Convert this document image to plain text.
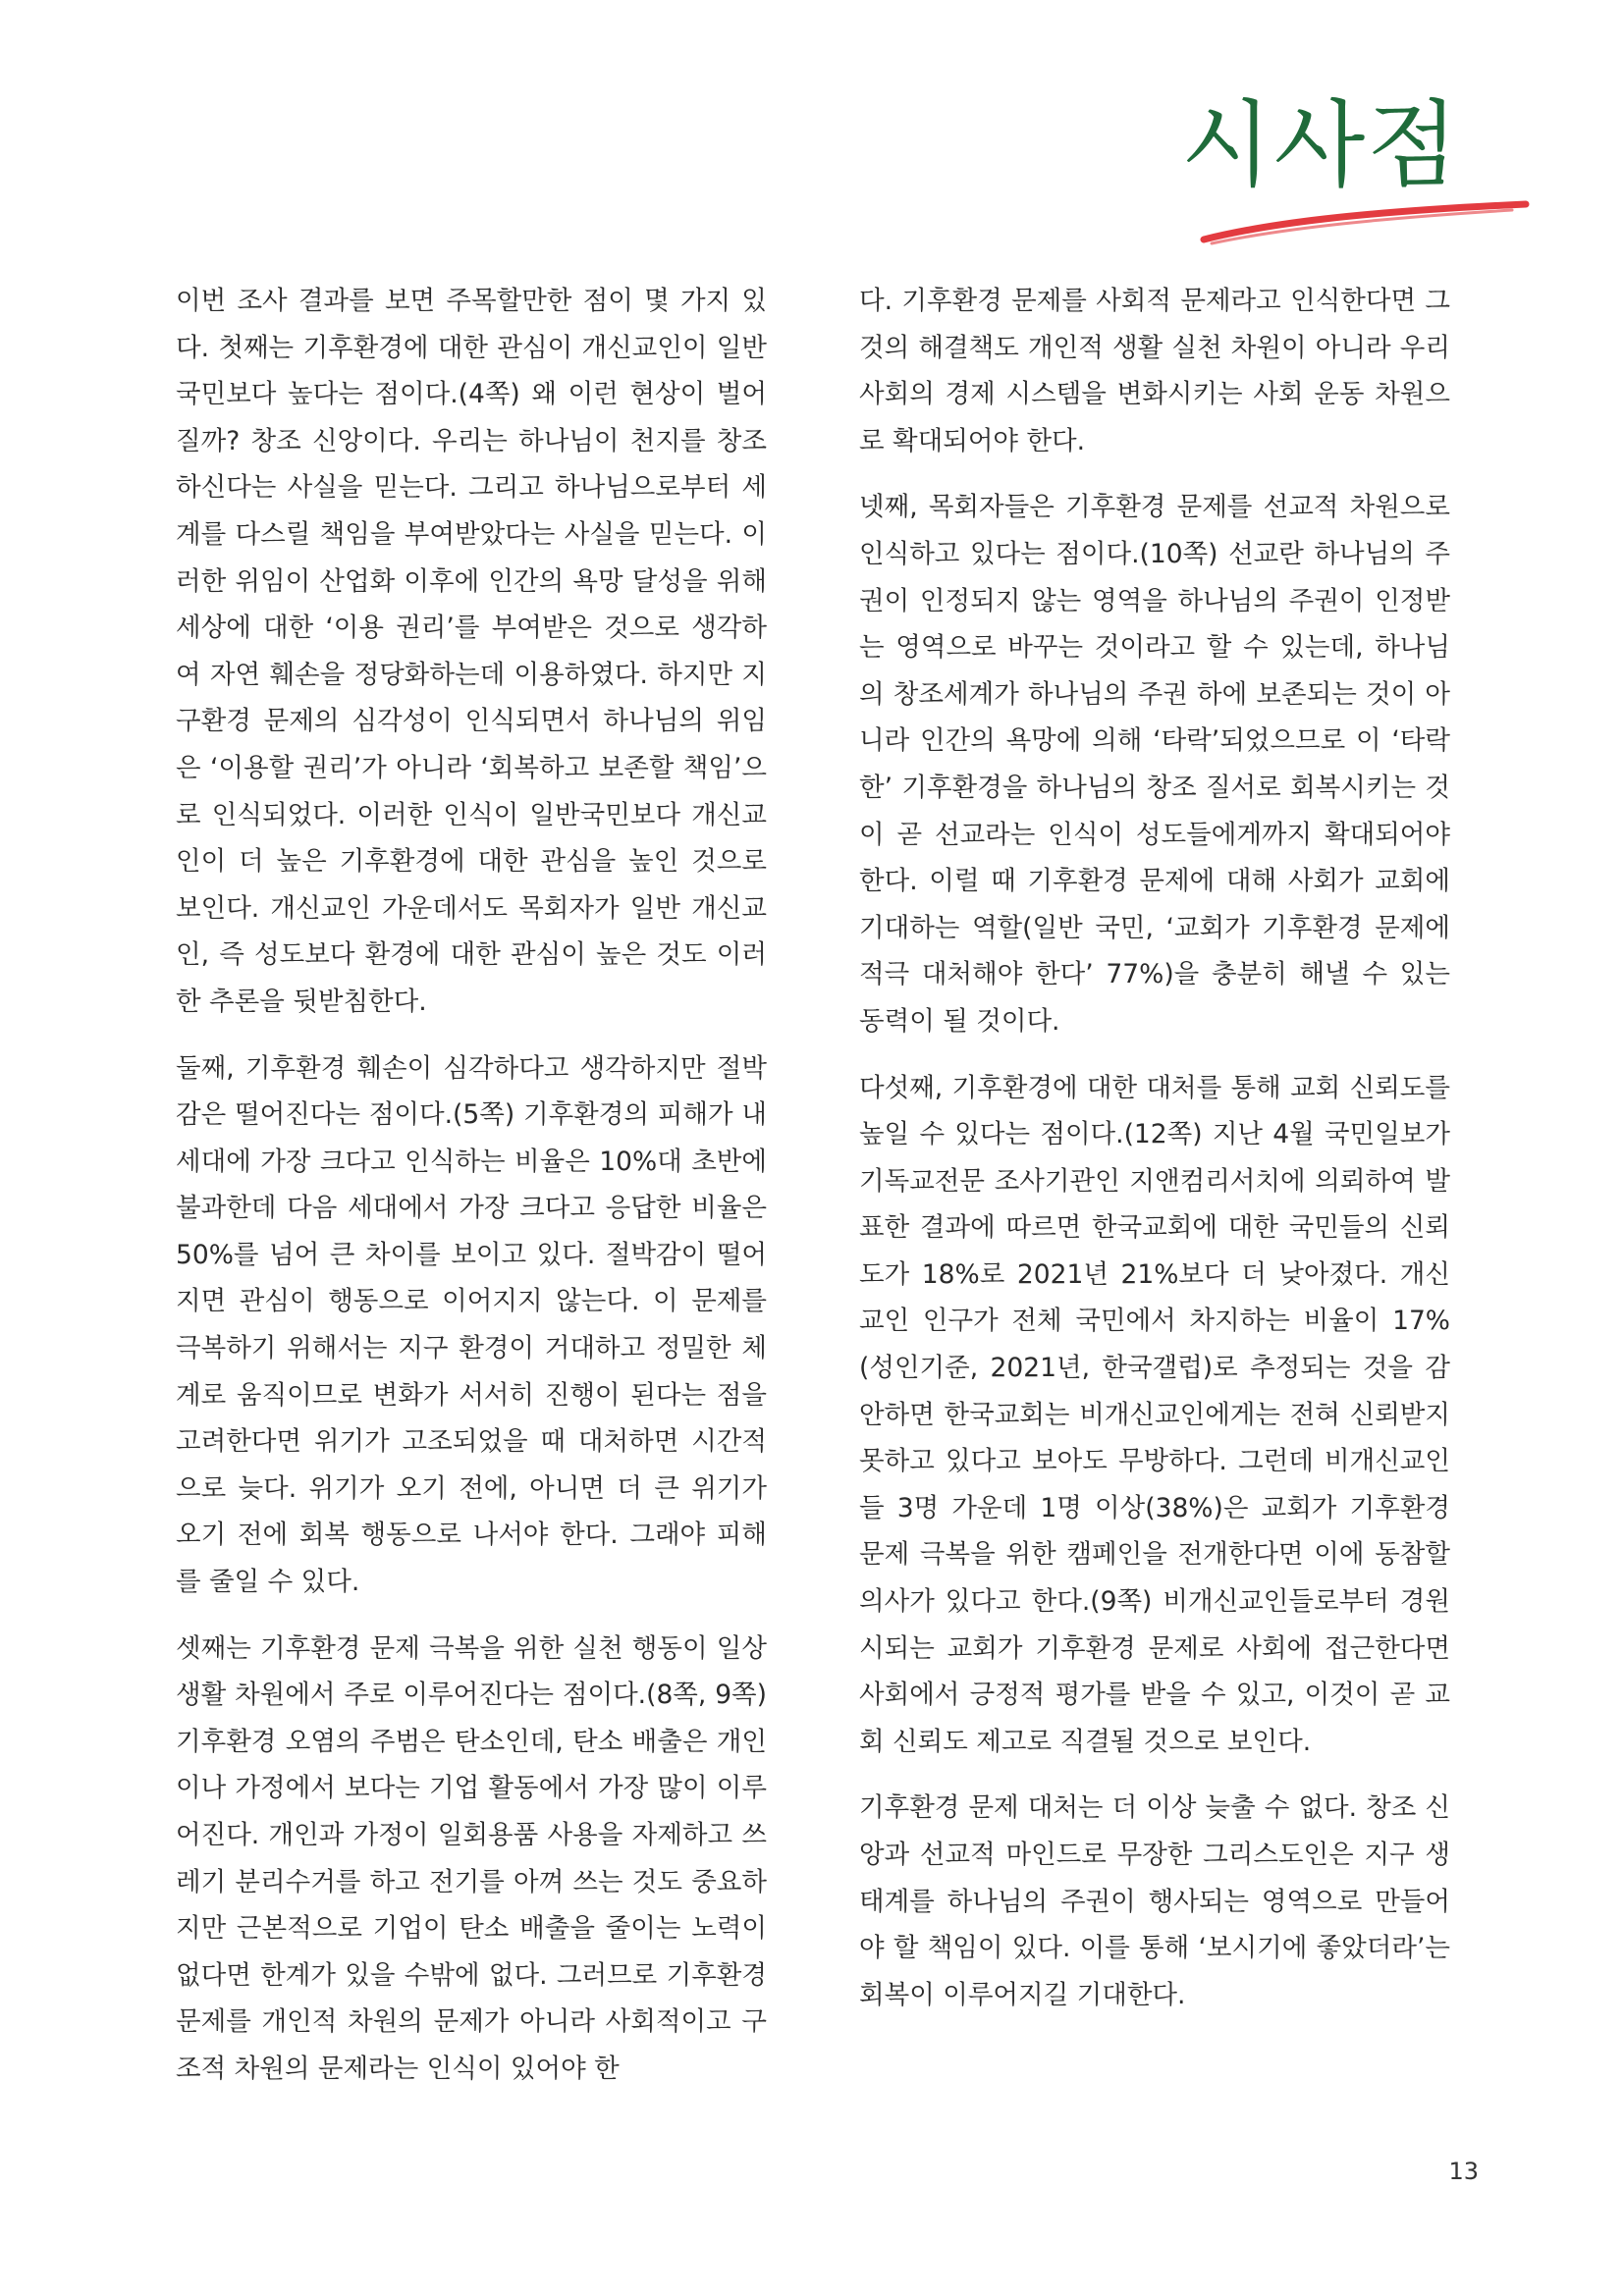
시사점

이번 조사 결과를 보면 주목할만한 점이 몇 가지 있다. 첫째는 기후환경에 대한 관심이 개신교인이 일반 국민보다 높다는 점이다.(4쪽) 왜 이런 현상이 벌어질까? 창조 신앙이다. 우리는 하나님이 천지를 창조하신다는 사실을 믿는다. 그리고 하나님으로부터 세계를 다스릴 책임을 부여받았다는 사실을 믿는다. 이러한 위임이 산업화 이후에 인간의 욕망 달성을 위해 세상에 대한 ‘이용 권리’를 부여받은 것으로 생각하여 자연 훼손을 정당화하는데 이용하였다. 하지만 지구환경 문제의 심각성이 인식되면서 하나님의 위임은 ‘이용할 권리’가 아니라 ‘회복하고 보존할 책임’으로 인식되었다. 이러한 인식이 일반국민보다 개신교인이 더 높은 기후환경에 대한 관심을 높인 것으로 보인다. 개신교인 가운데서도 목회자가 일반 개신교인, 즉 성도보다 환경에 대한 관심이 높은 것도 이러한 추론을 뒷받침한다.

둘째, 기후환경 훼손이 심각하다고 생각하지만 절박감은 떨어진다는 점이다.(5쪽) 기후환경의 피해가 내 세대에 가장 크다고 인식하는 비율은 10%대 초반에 불과한데 다음 세대에서 가장 크다고 응답한 비율은 50%를 넘어 큰 차이를 보이고 있다. 절박감이 떨어지면 관심이 행동으로 이어지지 않는다. 이 문제를 극복하기 위해서는 지구 환경이 거대하고 정밀한 체계로 움직이므로 변화가 서서히 진행이 된다는 점을 고려한다면 위기가 고조되었을 때 대처하면 시간적으로 늦다. 위기가 오기 전에, 아니면 더 큰 위기가 오기 전에 회복 행동으로 나서야 한다. 그래야 피해를 줄일 수 있다.

셋째는 기후환경 문제 극복을 위한 실천 행동이 일상 생활 차원에서 주로 이루어진다는 점이다.(8쪽, 9쪽) 기후환경 오염의 주범은 탄소인데, 탄소 배출은 개인이나 가정에서 보다는 기업 활동에서 가장 많이 이루어진다. 개인과 가정이 일회용품 사용을 자제하고 쓰레기 분리수거를 하고 전기를 아껴 쓰는 것도 중요하지만 근본적으로 기업이 탄소 배출을 줄이는 노력이 없다면 한계가 있을 수밖에 없다. 그러므로 기후환경 문제를 개인적 차원의 문제가 아니라 사회적이고 구조적 차원의 문제라는 인식이 있어야 한

다. 기후환경 문제를 사회적 문제라고 인식한다면 그것의 해결책도 개인적 생활 실천 차원이 아니라 우리 사회의 경제 시스템을 변화시키는 사회 운동 차원으로 확대되어야 한다.

넷째, 목회자들은 기후환경 문제를 선교적 차원으로 인식하고 있다는 점이다.(10쪽) 선교란 하나님의 주권이 인정되지 않는 영역을 하나님의 주권이 인정받는 영역으로 바꾸는 것이라고 할 수 있는데, 하나님의 창조세계가 하나님의 주권 하에 보존되는 것이 아니라 인간의 욕망에 의해 ‘타락’되었으므로 이 ‘타락한’ 기후환경을 하나님의 창조 질서로 회복시키는 것이 곧 선교라는 인식이 성도들에게까지 확대되어야 한다. 이럴 때 기후환경 문제에 대해 사회가 교회에 기대하는 역할(일반 국민, ‘교회가 기후환경 문제에 적극 대처해야 한다’ 77%)을 충분히 해낼 수 있는 동력이 될 것이다.

다섯째, 기후환경에 대한 대처를 통해 교회 신뢰도를 높일 수 있다는 점이다.(12쪽) 지난 4월 국민일보가 기독교전문 조사기관인 지앤컴리서치에 의뢰하여 발표한 결과에 따르면 한국교회에 대한 국민들의 신뢰도가 18%로 2021년 21%보다 더 낮아졌다. 개신교인 인구가 전체 국민에서 차지하는 비율이 17%(성인기준, 2021년, 한국갤럽)로 추정되는 것을 감안하면 한국교회는 비개신교인에게는 전혀 신뢰받지 못하고 있다고 보아도 무방하다. 그런데 비개신교인들 3명 가운데 1명 이상(38%)은 교회가 기후환경 문제 극복을 위한 캠페인을 전개한다면 이에 동참할 의사가 있다고 한다.(9쪽) 비개신교인들로부터 경원시되는 교회가 기후환경 문제로 사회에 접근한다면 사회에서 긍정적 평가를 받을 수 있고, 이것이 곧 교회 신뢰도 제고로 직결될 것으로 보인다.

기후환경 문제 대처는 더 이상 늦출 수 없다. 창조 신앙과 선교적 마인드로 무장한 그리스도인은 지구 생태계를 하나님의 주권이 행사되는 영역으로 만들어야 할 책임이 있다. 이를 통해 ‘보시기에 좋았더라’는 회복이 이루어지길 기대한다.

13
